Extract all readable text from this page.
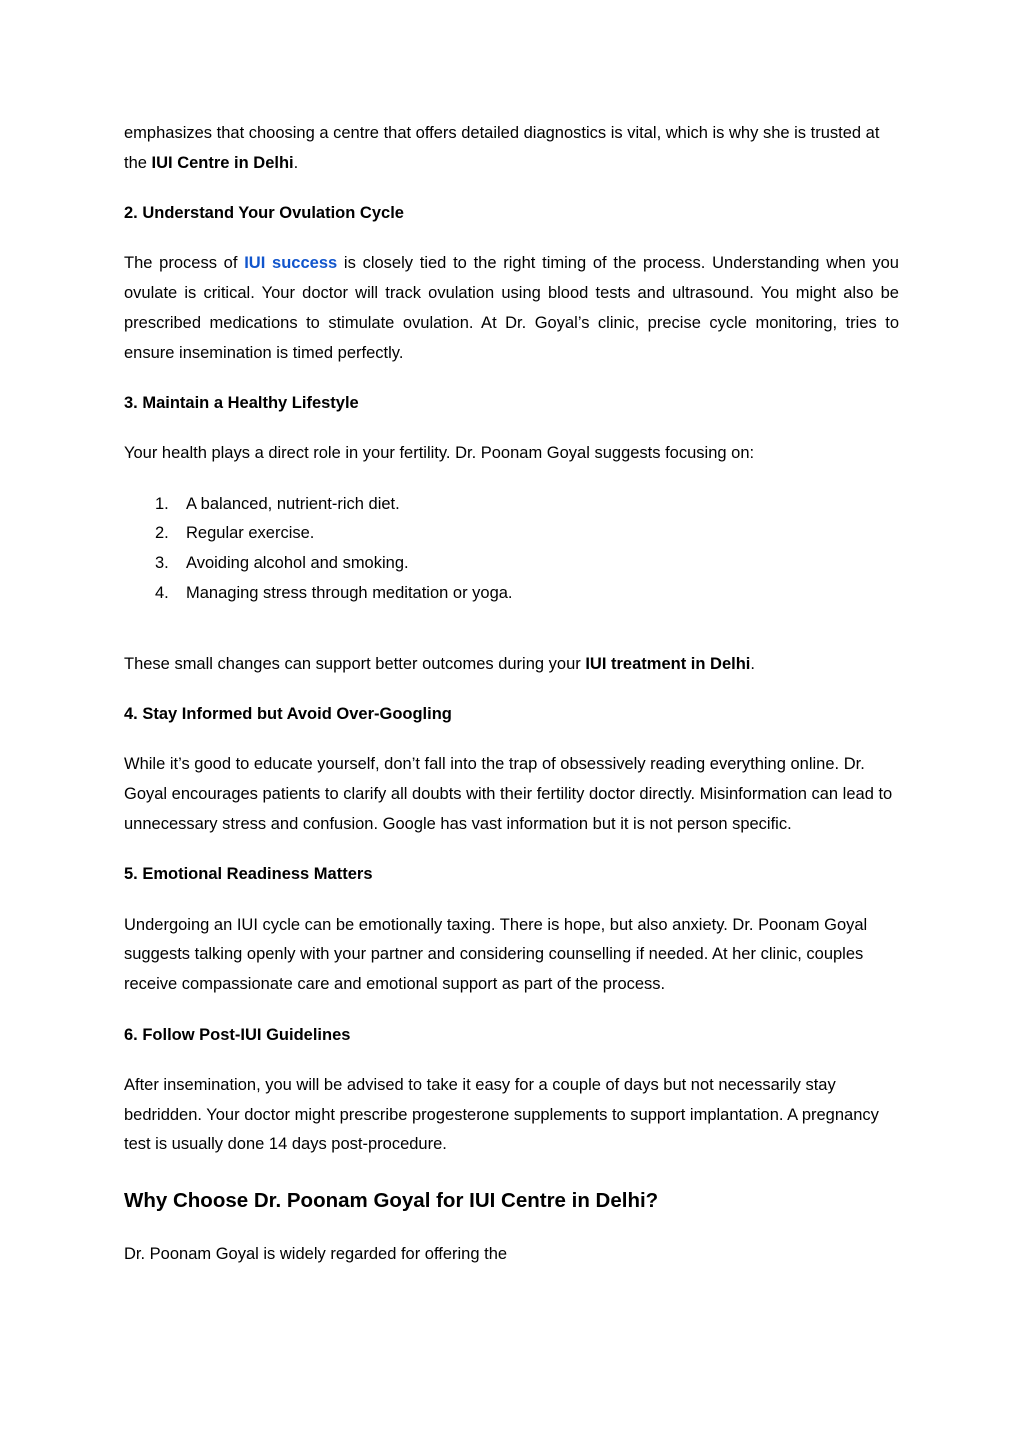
emphasizes that choosing a centre that offers detailed diagnostics is vital, which is why she is trusted at the IUI Centre in Delhi.

2. Understand Your Ovulation Cycle

The process of IUI success is closely tied to the right timing of the process. Understanding when you ovulate is critical. Your doctor will track ovulation using blood tests and ultrasound. You might also be prescribed medications to stimulate ovulation. At Dr. Goyal’s clinic, precise cycle monitoring, tries to ensure insemination is timed perfectly.

3. Maintain a Healthy Lifestyle

Your health plays a direct role in your fertility. Dr. Poonam Goyal suggests focusing on:

1. A balanced, nutrient-rich diet.
2. Regular exercise.
3. Avoiding alcohol and smoking.
4. Managing stress through meditation or yoga.

These small changes can support better outcomes during your IUI treatment in Delhi.

4. Stay Informed but Avoid Over-Googling

While it’s good to educate yourself, don’t fall into the trap of obsessively reading everything online. Dr. Goyal encourages patients to clarify all doubts with their fertility doctor directly. Misinformation can lead to unnecessary stress and confusion. Google has vast information but it is not person specific.

5. Emotional Readiness Matters

Undergoing an IUI cycle can be emotionally taxing. There is hope, but also anxiety. Dr. Poonam Goyal suggests talking openly with your partner and considering counselling if needed. At her clinic, couples receive compassionate care and emotional support as part of the process.

6. Follow Post-IUI Guidelines

After insemination, you will be advised to take it easy for a couple of days but not necessarily stay bedridden. Your doctor might prescribe progesterone supplements to support implantation. A pregnancy test is usually done 14 days post-procedure.

Why Choose Dr. Poonam Goyal for IUI Centre in Delhi?

Dr. Poonam Goyal is widely regarded for offering the
